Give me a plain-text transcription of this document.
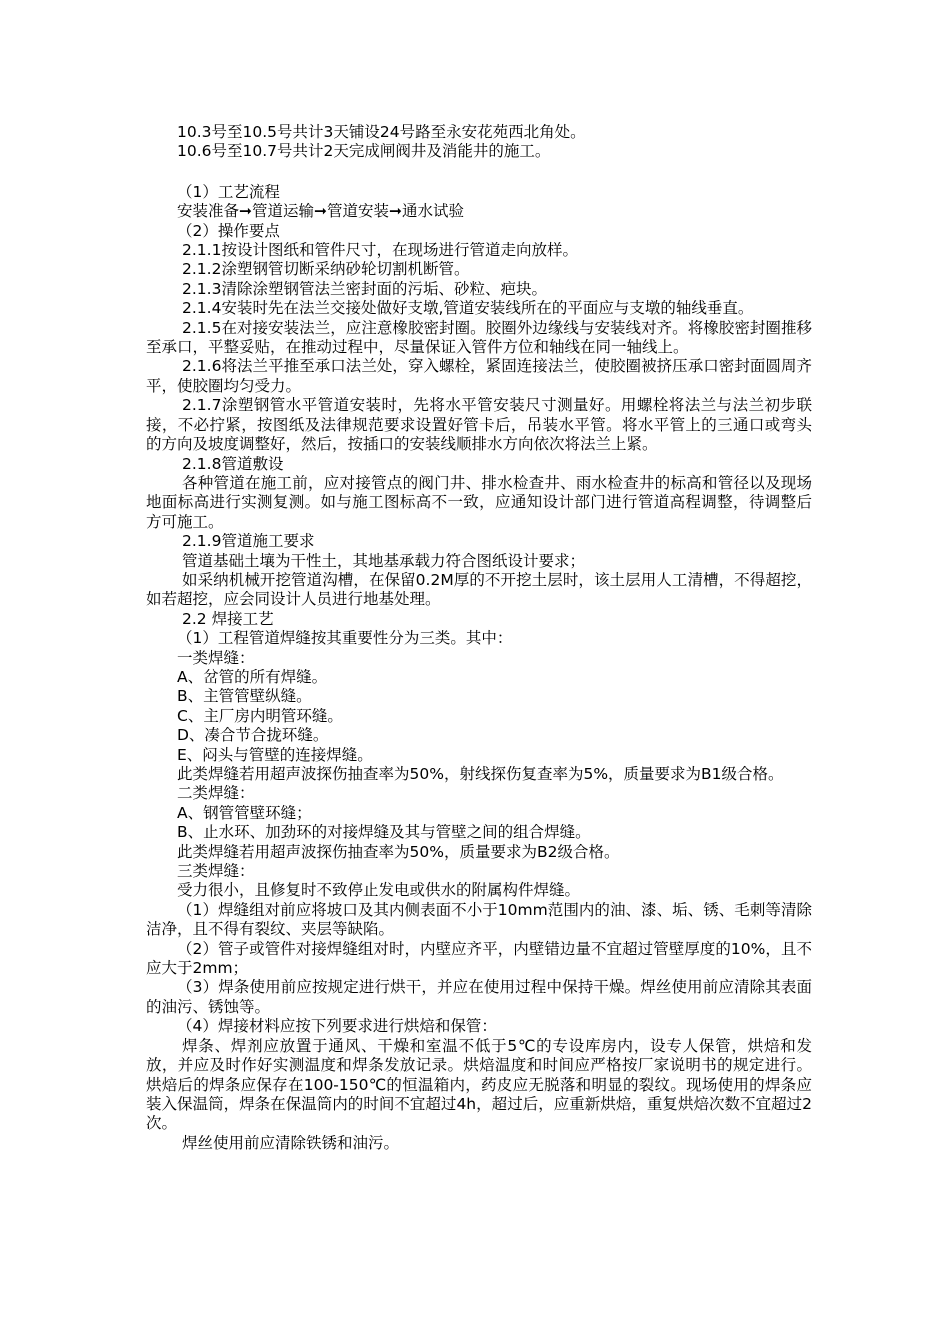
10.3号至10.5号共计3天铺设24号路至永安花苑西北角处。

10.6号至10.7号共计2天完成闸阀井及消能井的施工。

（1）工艺流程

安装准备➞管道运输➞管道安装➞通水试验

（2）操作要点

2.1.1按设计图纸和管件尺寸，在现场进行管道走向放样。

2.1.2涂塑钢管切断采纳砂轮切割机断管。

2.1.3清除涂塑钢管法兰密封面的污垢、砂粒、疤块。

2.1.4安装时先在法兰交接处做好支墩,管道安装线所在的平面应与支墩的轴线垂直。

2.1.5在对接安装法兰，应注意橡胶密封圈。胶圈外边缘线与安装线对齐。将橡胶密封圈推移至承口，平整妥贴，在推动过程中，尽量保证入管件方位和轴线在同一轴线上。

2.1.6将法兰平推至承口法兰处，穿入螺栓，紧固连接法兰，使胶圈被挤压承口密封面圆周齐平，使胶圈均匀受力。

2.1.7涂塑钢管水平管道安装时，先将水平管安装尺寸测量好。用螺栓将法兰与法兰初步联接，不必拧紧，按图纸及法律规范要求设置好管卡后，吊装水平管。将水平管上的三通口或弯头的方向及坡度调整好，然后，按插口的安装线顺排水方向依次将法兰上紧。

2.1.8管道敷设

各种管道在施工前，应对接管点的阀门井、排水检查井、雨水检查井的标高和管径以及现场地面标高进行实测复测。如与施工图标高不一致，应通知设计部门进行管道高程调整，待调整后方可施工。

2.1.9管道施工要求

管道基础土壤为干性土，其地基承载力符合图纸设计要求；

如采纳机械开挖管道沟槽，在保留0.2M厚的不开挖土层时，该土层用人工清槽，不得超挖，如若超挖，应会同设计人员进行地基处理。

2.2 焊接工艺

（1）工程管道焊缝按其重要性分为三类。其中：

一类焊缝：

A、岔管的所有焊缝。

B、主管管壁纵缝。

C、主厂房内明管环缝。

D、凑合节合拢环缝。

E、闷头与管壁的连接焊缝。

此类焊缝若用超声波探伤抽查率为50%，射线探伤复查率为5%，质量要求为B1级合格。

二类焊缝：

A、钢管管壁环缝；

B、止水环、加劲环的对接焊缝及其与管壁之间的组合焊缝。

此类焊缝若用超声波探伤抽查率为50%，质量要求为B2级合格。

三类焊缝：

受力很小，且修复时不致停止发电或供水的附属构件焊缝。

（1）焊缝组对前应将坡口及其内侧表面不小于10mm范围内的油、漆、垢、锈、毛刺等清除洁净，且不得有裂纹、夹层等缺陷。

（2）管子或管件对接焊缝组对时，内壁应齐平，内壁错边量不宜超过管壁厚度的10%，且不应大于2mm；

（3）焊条使用前应按规定进行烘干，并应在使用过程中保持干燥。焊丝使用前应清除其表面的油污、锈蚀等。

（4）焊接材料应按下列要求进行烘焙和保管：

焊条、焊剂应放置于通风、干燥和室温不低于5℃的专设库房内，设专人保管，烘焙和发放，并应及时作好实测温度和焊条发放记录。烘焙温度和时间应严格按厂家说明书的规定进行。烘焙后的焊条应保存在100-150℃的恒温箱内，药皮应无脱落和明显的裂纹。现场使用的焊条应装入保温筒，焊条在保温筒内的时间不宜超过4h，超过后，应重新烘焙，重复烘焙次数不宜超过2次。

焊丝使用前应清除铁锈和油污。
